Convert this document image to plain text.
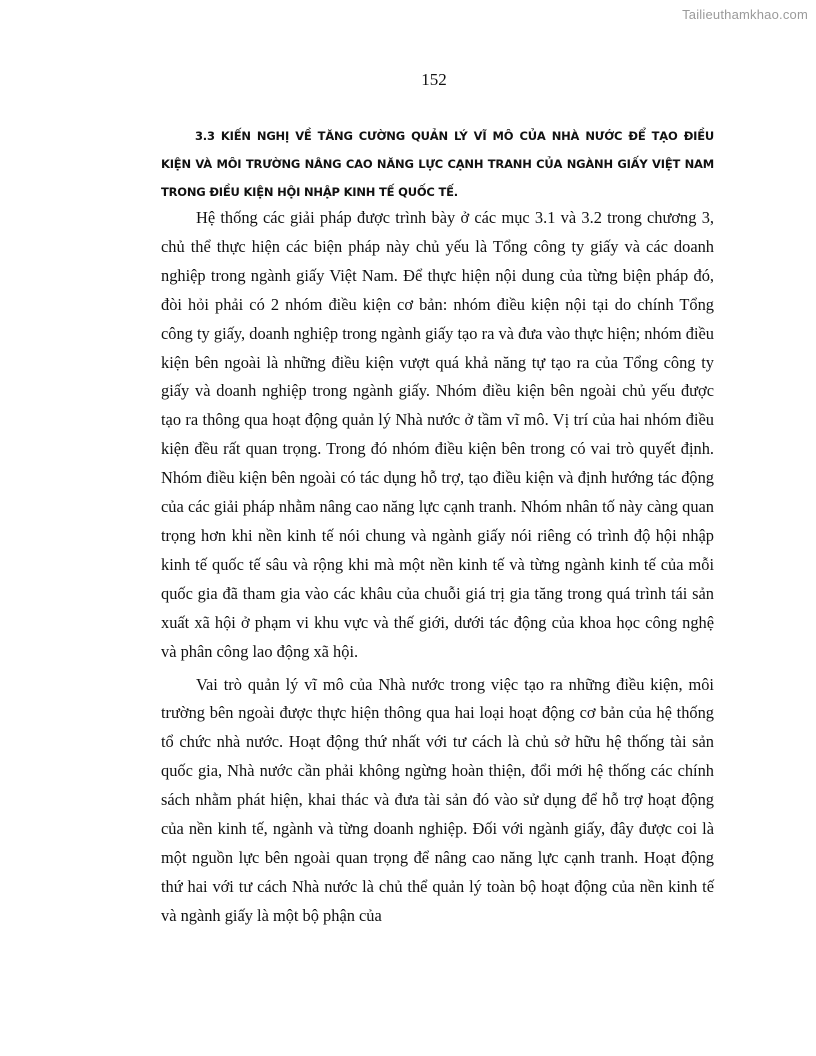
Tailieuthamkhao.com
152
3.3 KIẾN NGHỊ VỀ TĂNG CƯỜNG QUẢN LÝ VĨ MÔ CỦA NHÀ NƯỚC ĐỂ TẠO ĐIỀU
KIỆN VÀ MÔI TRƯỜNG NÂNG CAO NĂNG LỰC CẠNH TRANH CỦA NGÀNH GIẤY VIỆT NAM TRONG ĐIỀU KIỆN HỘI NHẬP KINH TẾ QUỐC TẾ.

Hệ thống các giải pháp được trình bày ở các mục 3.1 và 3.2 trong chương 3, chủ thể thực hiện các biện pháp này chủ yếu là Tổng công ty giấy và các doanh nghiệp trong ngành giấy Việt Nam. Để thực hiện nội dung của từng biện pháp đó, đòi hỏi phải có 2 nhóm điều kiện cơ bản: nhóm điều kiện nội tại do chính Tổng công ty giấy, doanh nghiệp trong ngành giấy tạo ra và đưa vào thực hiện; nhóm điều kiện bên ngoài là những điều kiện vượt quá khả năng tự tạo ra của Tổng công ty giấy và doanh nghiệp trong ngành giấy. Nhóm điều kiện bên ngoài chủ yếu được tạo ra thông qua hoạt động quản lý Nhà nước ở tầm vĩ mô. Vị trí của hai nhóm điều kiện đều rất quan trọng. Trong đó nhóm điều kiện bên trong có vai trò quyết định. Nhóm điều kiện bên ngoài có tác dụng hỗ trợ, tạo điều kiện và định hướng tác động của các giải pháp nhằm nâng cao năng lực cạnh tranh. Nhóm nhân tố này càng quan trọng hơn khi nền kinh tế nói chung và ngành giấy nói riêng có trình độ hội nhập kinh tế quốc tế sâu và rộng khi mà một nền kinh tế và từng ngành kinh tế của mỗi quốc gia đã tham gia vào các khâu của chuỗi giá trị gia tăng trong quá trình tái sản xuất xã hội ở phạm vi khu vực và thế giới, dưới tác động của khoa học công nghệ và phân công lao động xã hội.

Vai trò quản lý vĩ mô của Nhà nước trong việc tạo ra những điều kiện, môi trường bên ngoài được thực hiện thông qua hai loại hoạt động cơ bản của hệ thống tổ chức nhà nước. Hoạt động thứ nhất với tư cách là chủ sở hữu hệ thống tài sản quốc gia, Nhà nước cần phải không ngừng hoàn thiện, đổi mới hệ thống các chính sách nhằm phát hiện, khai thác và đưa tài sản đó vào sử dụng để hỗ trợ hoạt động của nền kinh tế, ngành và từng doanh nghiệp. Đối với ngành giấy, đây được coi là một nguồn lực bên ngoài quan trọng để nâng cao năng lực cạnh tranh. Hoạt động thứ hai với tư cách Nhà nước là chủ thể quản lý toàn bộ hoạt động của nền kinh tế và ngành giấy là một bộ phận của
